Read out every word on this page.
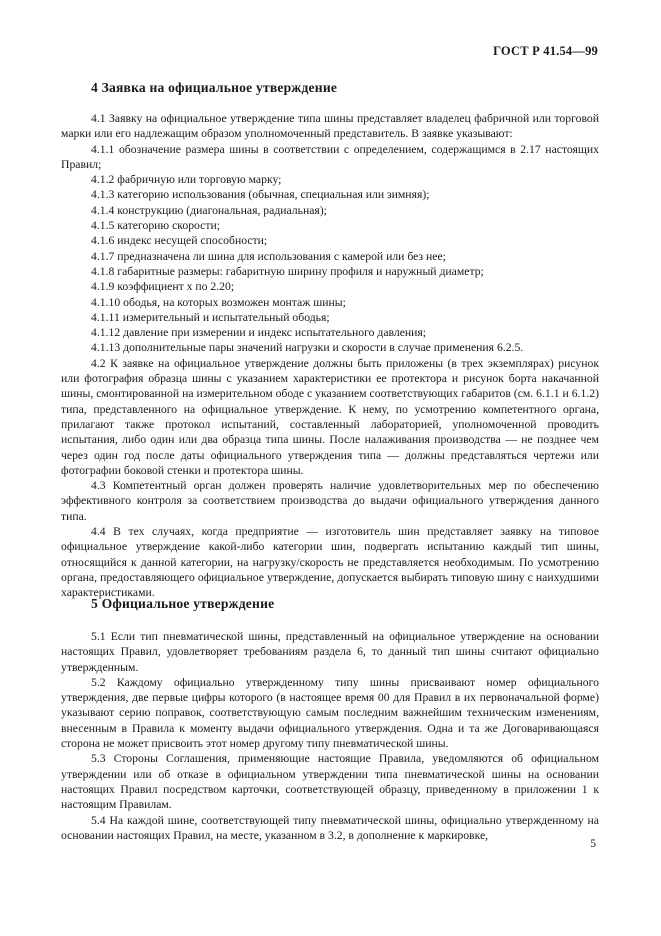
ГОСТ Р 41.54—99
4 Заявка на официальное утверждение

4.1 Заявку на официальное утверждение типа шины представляет владелец фабричной или торговой марки или его надлежащим образом уполномоченный представитель. В заявке указывают:

4.1.1 обозначение размера шины в соответствии с определением, содержащимся в 2.17 настоящих Правил;

4.1.2 фабричную или торговую марку;

4.1.3 категорию использования (обычная, специальная или зимняя);

4.1.4 конструкцию (диагональная, радиальная);

4.1.5 категорию скорости;

4.1.6 индекс несущей способности;

4.1.7 предназначена ли шина для использования с камерой или без нее;

4.1.8 габаритные размеры: габаритную ширину профиля и наружный диаметр;

4.1.9 коэффициент x по 2.20;

4.1.10 ободья, на которых возможен монтаж шины;

4.1.11 измерительный и испытательный ободья;

4.1.12 давление при измерении и индекс испытательного давления;

4.1.13 дополнительные пары значений нагрузки и скорости в случае применения 6.2.5.

4.2 К заявке на официальное утверждение должны быть приложены (в трех экземплярах) рисунок или фотография образца шины с указанием характеристики ее протектора и рисунок борта накачанной шины, смонтированной на измерительном ободе с указанием соответствующих габаритов (см. 6.1.1 и 6.1.2) типа, представленного на официальное утверждение. К нему, по усмотрению компетентного органа, прилагают также протокол испытаний, составленный лабораторией, уполномоченной проводить испытания, либо один или два образца типа шины. После налаживания производства — не позднее чем через один год после даты официального утверждения типа — должны представляться чертежи или фотографии боковой стенки и протектора шины.

4.3 Компетентный орган должен проверять наличие удовлетворительных мер по обеспечению эффективного контроля за соответствием производства до выдачи официального утверждения данного типа.

4.4 В тех случаях, когда предприятие — изготовитель шин представляет заявку на типовое официальное утверждение какой-либо категории шин, подвергать испытанию каждый тип шины, относящийся к данной категории, на нагрузку/скорость не представляется необходимым. По усмотрению органа, предоставляющего официальное утверждение, допускается выбирать типовую шину с наихудшими характеристиками.

5 Официальное утверждение

5.1 Если тип пневматической шины, представленный на официальное утверждение на основании настоящих Правил, удовлетворяет требованиям раздела 6, то данный тип шины считают официально утвержденным.

5.2 Каждому официально утвержденному типу шины присваивают номер официального утверждения, две первые цифры которого (в настоящее время 00 для Правил в их первоначальной форме) указывают серию поправок, соответствующую самым последним важнейшим техническим изменениям, внесенным в Правила к моменту выдачи официального утверждения. Одна и та же Договаривающаяся сторона не может присвоить этот номер другому типу пневматической шины.

5.3 Стороны Соглашения, применяющие настоящие Правила, уведомляются об официальном утверждении или об отказе в официальном утверждении типа пневматической шины на основании настоящих Правил посредством карточки, соответствующей образцу, приведенному в приложении 1 к настоящим Правилам.

5.4 На каждой шине, соответствующей типу пневматической шины, официально утвержденному на основании настоящих Правил, на месте, указанном в 3.2, в дополнение к маркировке,

5
